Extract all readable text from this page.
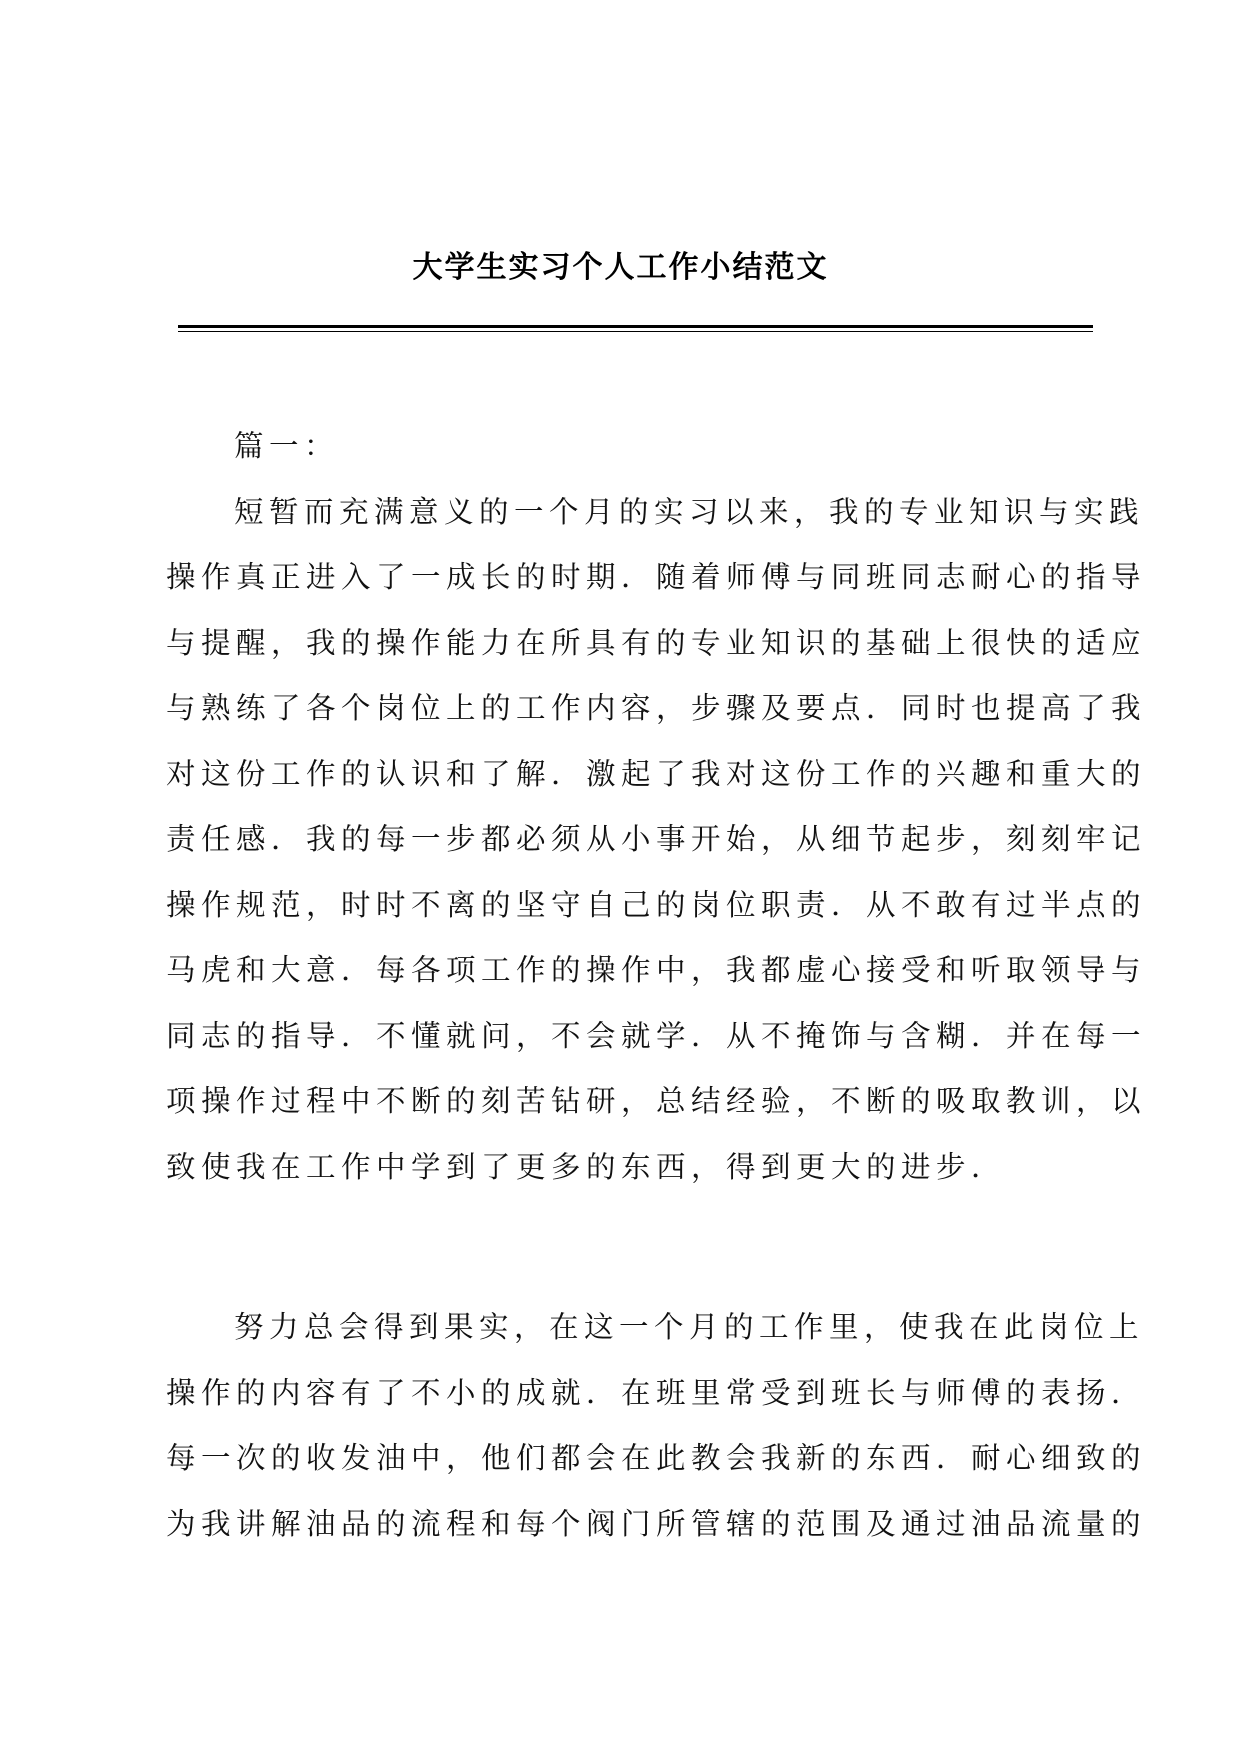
大学生实习个人工作小结范文
篇一：
短暂而充满意义的一个月的实习以来，我的专业知识与实践
操作真正进入了一成长的时期．随着师傅与同班同志耐心的指导
与提醒，我的操作能力在所具有的专业知识的基础上很快的适应
与熟练了各个岗位上的工作内容，步骤及要点．同时也提高了我
对这份工作的认识和了解．激起了我对这份工作的兴趣和重大的
责任感．我的每一步都必须从小事开始，从细节起步，刻刻牢记
操作规范，时时不离的坚守自己的岗位职责．从不敢有过半点的
马虎和大意．每各项工作的操作中，我都虚心接受和听取领导与
同志的指导．不懂就问，不会就学．从不掩饰与含糊．并在每一
项操作过程中不断的刻苦钻研，总结经验，不断的吸取教训，以
致使我在工作中学到了更多的东西，得到更大的进步．
努力总会得到果实，在这一个月的工作里，使我在此岗位上
操作的内容有了不小的成就．在班里常受到班长与师傅的表扬．
每一次的收发油中，他们都会在此教会我新的东西．耐心细致的
为我讲解油品的流程和每个阀门所管辖的范围及通过油品流量的
